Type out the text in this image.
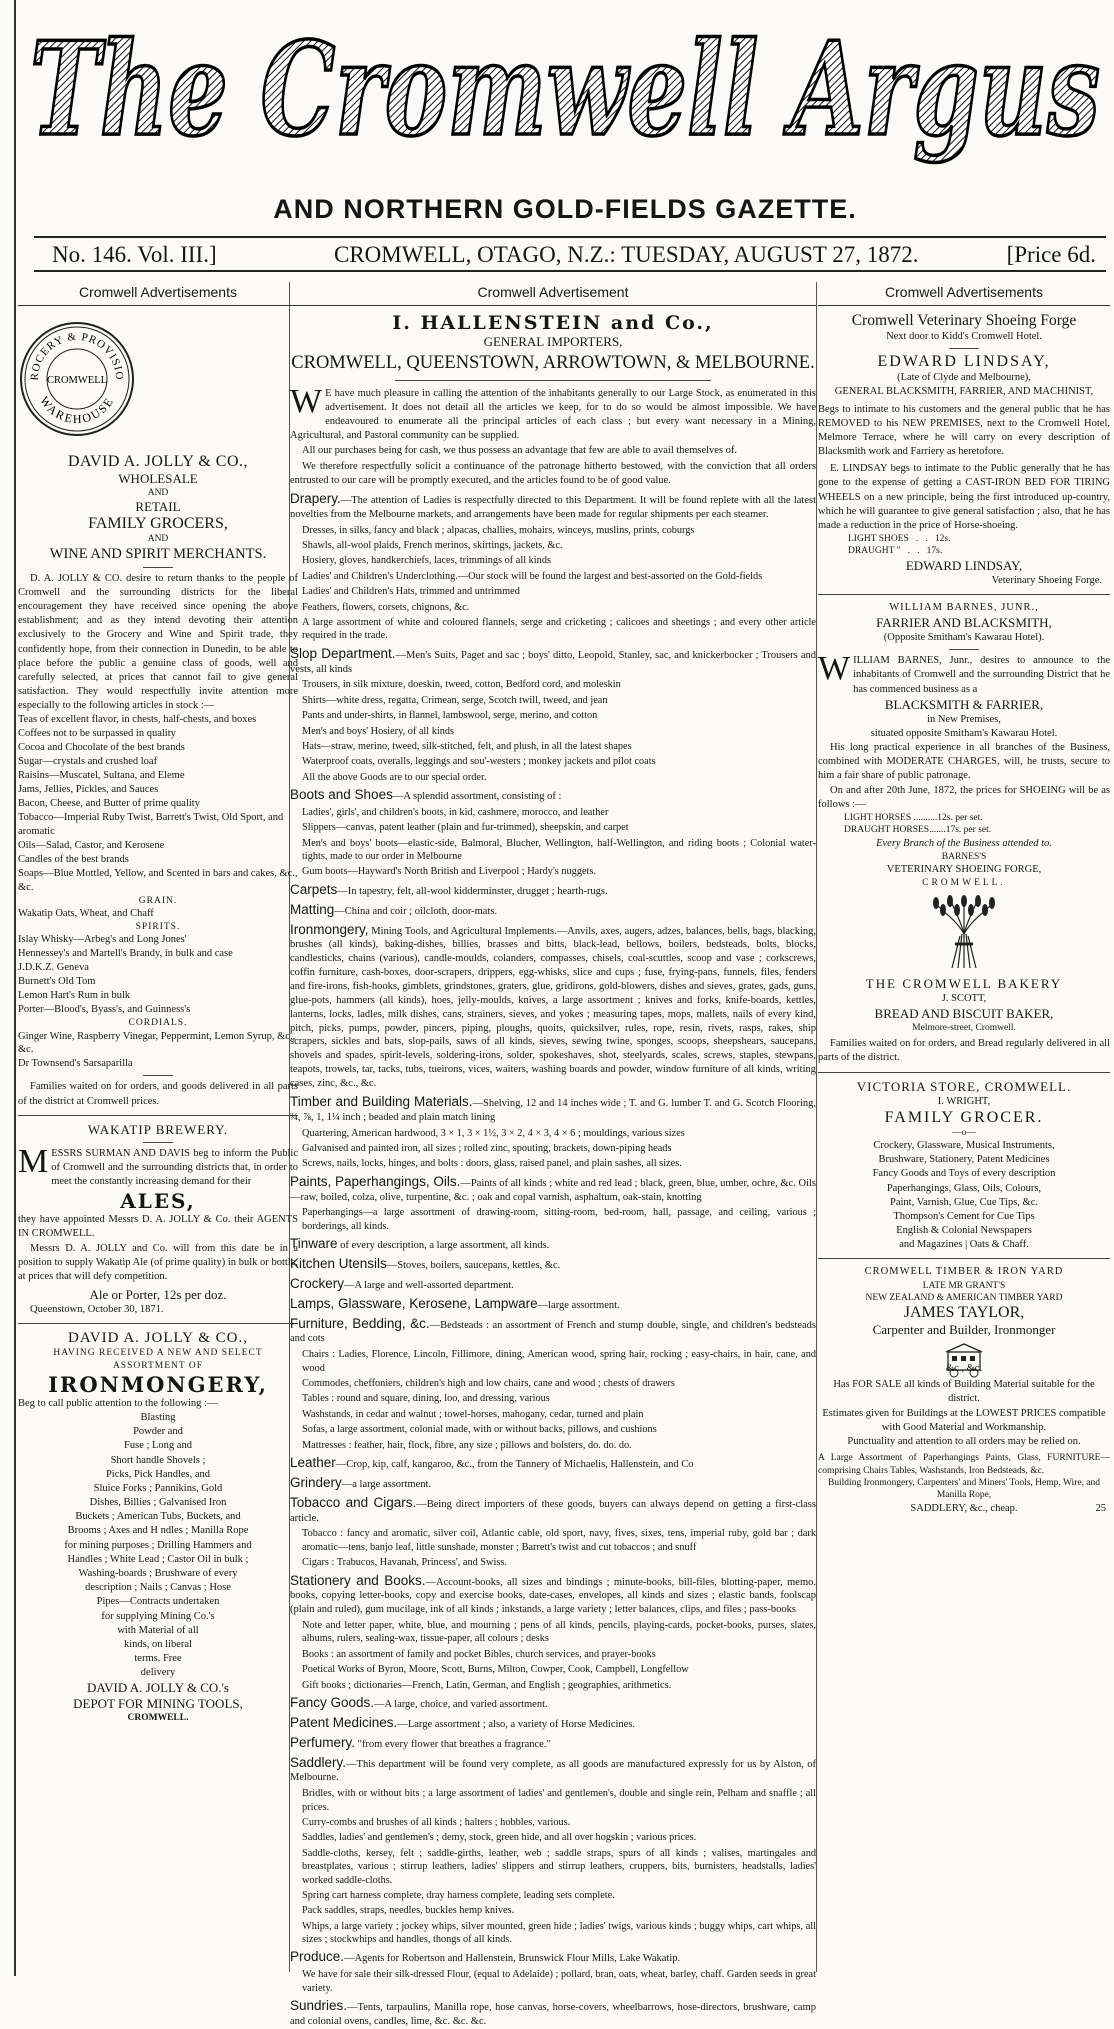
The Cromwell Argus
AND NORTHERN GOLD-FIELDS GAZETTE.
No. 146. Vol. III.]	CROMWELL, OTAGO, N.Z.: TUESDAY, AUGUST 27, 1872.	[Price 6d.
Cromwell Advertisements
ROCERY & PROVISIO
CROMWELL
WAREHOUSE
DAVID A. JOLLY & CO.,
WHOLESALE
AND
RETAIL
FAMILY GROCERS,
AND
WINE AND SPIRIT MERCHANTS.
D. A. JOLLY & CO. desire to return thanks to the people of Cromwell and the surrounding districts for the liberal encouragement they have received since opening the above establishment; and as they intend devoting their attention exclusively to the Grocery and Wine and Spirit trade, they confidently hope, from their connection in Dunedin, to be able to place before the public a genuine class of goods, well and carefully selected, at prices that cannot fail to give general satisfaction. They would respectfully invite attention more especially to the following articles in stock :—
Teas of excellent flavor, in chests, half-chests, and boxes
Coffees not to be surpassed in quality
Cocoa and Chocolate of the best brands
Sugar—crystals and crushed loaf
Raisins—Muscatel, Sultana, and Eleme
Jams, Jellies, Pickles, and Sauces
Bacon, Cheese, and Butter of prime quality
Tobacco—Imperial Ruby Twist, Barrett's Twist, Old Sport, and aromatic
Oils—Salad, Castor, and Kerosene
Candles of the best brands
Soaps—Blue Mottled, Yellow, and Scented in bars and cakes, &c., &c.
GRAIN.
Wakatip Oats, Wheat, and Chaff
SPIRITS.
Islay Whisky—Arbeg's and Long Jones'
Hennessey's and Martell's Brandy, in bulk and case
J.D.K.Z. Geneva
Burnett's Old Tom
Lemon Hart's Rum in bulk
Porter—Blood's, Byass's, and Guinness's
CORDIALS.
Ginger Wine, Raspberry Vinegar, Peppermint, Lemon Syrup, &c., &c.
Dr Townsend's Sarsaparilla
Families waited on for orders, and goods delivered in all parts of the district at Cromwell prices.
WAKATIP BREWERY.
MESSRS SURMAN AND DAVIS beg to inform the Public of Cromwell and the surrounding districts that, in order to meet the constantly increasing demand for their
ALES,
they have appointed Messrs D. A. JOLLY & Co. their AGENTS IN CROMWELL.
Messrs D. A. JOLLY and Co. will from this date be in a position to supply Wakatip Ale (of prime quality) in bulk or bottle, at prices that will defy competition.
Ale or Porter, 12s per doz.
Queenstown, October 30, 1871.
DAVID A. JOLLY & CO.,
HAVING RECEIVED A NEW AND SELECT
ASSORTMENT OF
IRONMONGERY,
Beg to call public attention to the following :—
Blasting
Powder and
Fuse ; Long and
Short handle Shovels ;
Picks, Pick Handles, and
Sluice Forks ; Pannikins, Gold
Dishes, Billies ; Galvanised Iron
Buckets ; American Tubs, Buckets, and
Brooms ; Axes and H ndles ; Manilla Rope
for mining purposes ; Drilling Hammers and
Handles ; White Lead ; Castor Oil in bulk ;
Washing-boards ; Brushware of every
description ; Nails ; Canvas ; Hose
Pipes—Contracts undertaken
for supplying Mining Co.'s
with Material of all
kinds, on liberal
terms. Free
delivery
DAVID A. JOLLY & CO.'s
DEPOT FOR MINING TOOLS,
CROMWELL.
Cromwell Advertisement
I. HALLENSTEIN and Co.,
GENERAL IMPORTERS,
CROMWELL, QUEENSTOWN, ARROWTOWN, & MELBOURNE.
WE have much pleasure in calling the attention of the inhabitants generally to our Large Stock, as enumerated in this advertisement. It does not detail all the articles we keep, for to do so would be almost impossible. We have endeavoured to enumerate all the principal articles of each class ; but every want necessary in a Mining, Agricultural, and Pastoral community can be supplied.
All our purchases being for cash, we thus possess an advantage that few are able to avail themselves of.
We therefore respectfully solicit a continuance of the patronage hitherto bestowed, with the conviction that all orders entrusted to our care will be promptly executed, and the articles found to be of good value.
Drapery.—The attention of Ladies is respectfully directed to this Department. It will be found replete with all the latest novelties from the Melbourne markets, and arrangements have been made for regular shipments per each steamer.
Dresses, in silks, fancy and black ; alpacas, challies, mohairs, winceys, muslins, prints, coburgs
Shawls, all-wool plaids, French merinos, skirtings, jackets, &c.
Hosiery, gloves, handkerchiefs, laces, trimmings of all kinds
Ladies' and Children's Underclothing.—Our stock will be found the largest and best-assorted on the Gold-fields
Ladies' and Children's Hats, trimmed and untrimmed
Feathers, flowers, corsets, chignons, &c.
A large assortment of white and coloured flannels, serge and cricketing ; calicoes and sheetings ; and every other article required in the trade.
Slop Department.—Men's Suits, Paget and sac ; boys' ditto, Leopold, Stanley, sac, and knickerbocker ; Trousers and vests, all kinds
Trousers, in silk mixture, doeskin, tweed, cotton, Bedford cord, and moleskin
Shirts—white dress, regatta, Crimean, serge, Scotch twill, tweed, and jean
Pants and under-shirts, in flannel, lambswool, serge, merino, and cotton
Men's and boys' Hosiery, of all kinds
Hats—straw, merino, tweed, silk-stitched, felt, and plush, in all the latest shapes
Waterproof coats, overalls, leggings and sou'-westers ; monkey jackets and pilot coats
All the above Goods are to our special order.
Boots and Shoes—A splendid assortment, consisting of :
Ladies', girls', and children's boots, in kid, cashmere, morocco, and leather
Slippers—canvas, patent leather (plain and fur-trimmed), sheepskin, and carpet
Men's and boys' boots—elastic-side, Balmoral, Blucher, Wellington, half-Wellington, and riding boots ; Colonial water-tights, made to our order in Melbourne
Gum boots—Hayward's North British and Liverpool ; Hardy's nuggets.
Carpets—In tapestry, felt, all-wool kidderminster, drugget ; hearth-rugs.
Matting—China and coir ; oilcloth, door-mats.
Ironmongery, Mining Tools, and Agricultural Implements.—Anvils, axes, augers, adzes, balances, bells, bags, blacking, brushes (all kinds), baking-dishes, billies, brasses and bitts, black-lead, bellows, boilers, bedsteads, bolts, blocks, candlesticks, chains (various), candle-moulds, colanders, compasses, chisels, coal-scuttles, scoop and vase ; corkscrews, coffin furniture, cash-boxes, door-scrapers, drippers, egg-whisks, slice and cups ; fuse, frying-pans, funnels, files, fenders and fire-irons, fish-hooks, gimblets, grindstones, graters, glue, gridirons, gold-blowers, dishes and sieves, grates, gads, guns, glue-pots, hammers (all kinds), hoes, jelly-moulds, knives, a large assortment ; knives and forks, knife-boards, kettles, lanterns, locks, ladles, milk dishes, cans, strainers, sieves, and yokes ; measuring tapes, mops, mallets, nails of every kind, pitch, picks, pumps, powder, pincers, piping, ploughs, quoits, quicksilver, rules, rope, resin, rivets, rasps, rakes, ship scrapers, sickles and bats, slop-pails, saws of all kinds, sieves, sewing twine, sponges, scoops, sheepshears, saucepans, shovels and spades, spirit-levels, soldering-irons, solder, spokeshaves, shot, steelyards, scales, screws, staples, stewpans, teapots, trowels, tar, tacks, tubs, tueirons, vices, waiters, washing boards and powder, window furniture of all kinds, writing cases, zinc, &c., &c.
Timber and Building Materials.—Shelving, 12 and 14 inches wide ; T. and G. lumber T. and G. Scotch Flooring, ¾, ⅞, 1, 1¼ inch ; beaded and plain match lining
Quartering, American hardwood, 3 × 1, 3 × 1½, 3 × 2, 4 × 3, 4 × 6 ; mouldings, various sizes
Galvanised and painted iron, all sizes ; rolled zinc, spouting, brackets, down-piping heads
Screws, nails, locks, hinges, and bolts : doors, glass, raised panel, and plain sashes, all sizes.
Paints, Paperhangings, Oils.—Paints of all kinds ; white and red lead ; black, green, blue, umber, ochre, &c. Oils—raw, boiled, colza, olive, turpentine, &c. ; oak and copal varnish, asphaltum, oak-stain, knotting
Paperhangings—a large assortment of drawing-room, sitting-room, bed-room, hall, passage, and ceiling, various ; borderings, all kinds.
Tinware of every description, a large assortment, all kinds.
Kitchen Utensils—Stoves, boilers, saucepans, kettles, &c.
Crockery—A large and well-assorted department.
Lamps, Glassware, Kerosene, Lampware—large assortment.
Furniture, Bedding, &c.—Bedsteads : an assortment of French and stump double, single, and children's bedsteads and cots
Chairs : Ladies, Florence, Lincoln, Fillimore, dining, American wood, spring hair, rocking ; easy-chairs, in hair, cane, and wood
Commodes, cheffoniers, children's high and low chairs, cane and wood ; chests of drawers
Tables : round and square, dining, loo, and dressing, various
Washstands, in cedar and walnut ; towel-horses, mahogany, cedar, turned and plain
Sofas, a large assortment, colonial made, with or without backs, pillows, and cushions
Mattresses : feather, hair, flock, fibre, any size ; pillows and bolsters, do. do. do.
Leather—Crop, kip, calf, kangaroo, &c., from the Tannery of Michaelis, Hallenstein, and Co
Grindery—a large assortment.
Tobacco and Cigars.—Being direct importers of these goods, buyers can always depend on getting a first-class article.
Tobacco : fancy and aromatic, silver coil, Atlantic cable, old sport, navy, fives, sixes, tens, imperial ruby, gold bar ; dark aromatic—tens, banjo leaf, little sunshade, monster ; Barrett's twist and cut tobaccos ; and snuff
Cigars : Trabucos, Havanah, Princess', and Swiss.
Stationery and Books.—Account-books, all sizes and bindings ; minute-books, bill-files, blotting-paper, memo. books, copying letter-books, copy and exercise books, date-cases, envelopes, all kinds and sizes ; elastic bands, foolscap (plain and ruled), gum mucilage, ink of all kinds ; inkstands, a large variety ; letter balances, clips, and files ; pass-books
Note and letter paper, white, blue, and mourning ; pens of all kinds, pencils, playing-cards, pocket-books, purses, slates, albums, rulers, sealing-wax, tissue-paper, all colours ; desks
Books : an assortment of family and pocket Bibles, church services, and prayer-books
Poetical Works of Byron, Moore, Scott, Burns, Milton, Cowper, Cook, Campbell, Longfellow
Gift books ; dictionaries—French, Latin, German, and English ; geographies, arithmetics.
Fancy Goods.—A large, choice, and varied assortment.
Patent Medicines.—Large assortment ; also, a variety of Horse Medicines.
Perfumery. "from every flower that breathes a fragrance."
Saddlery.—This department will be found very complete, as all goods are manufactured expressly for us by Alston, of Melbourne.
Bridles, with or without bits ; a large assortment of ladies' and gentlemen's, double and single rein, Pelham and snaffle ; all prices.
Curry-combs and brushes of all kinds ; halters ; hobbles, various.
Saddles, ladies' and gentlemen's ; demy, stock, green hide, and all over hogskin ; various prices.
Saddle-cloths, kersey, felt ; saddle-girths, leather, web ; saddle straps, spurs of all kinds ; valises, martingales and breastplates, various ; stirrup leathers, ladies' slippers and stirrup leathers, cruppers, bits, burnisters, headstalls, ladies' worked saddle-cloths.
Spring cart harness complete, dray harness complete, leading sets complete.
Pack saddles, straps, needles, buckles hemp knives.
Whips, a large variety ; jockey whips, silver mounted, green hide ; ladies' twigs, various kinds ; buggy whips, cart whips, all sizes ; stockwhips and handles, thongs of all kinds.
Produce.—Agents for Robertson and Hallenstein, Brunswick Flour Mills, Lake Wakatip.
We have for sale their silk-dressed Flour, (equal to Adelaide) ; pollard, bran, oats, wheat, barley, chaff. Garden seeds in great variety.
Sundries.—Tents, tarpaulins, Manilla rope, hose canvas, horse-covers, wheelbarrows, hose-directors, brushware, camp and colonial ovens, candles, lime, &c. &c. &c.
Cromwell Advertisements
Cromwell Veterinary Shoeing Forge
Next door to Kidd's Cromwell Hotel.
EDWARD LINDSAY,
(Late of Clyde and Melbourne),
GENERAL BLACKSMITH, FARRIER, AND MACHINIST,
Begs to intimate to his customers and the general public that he has REMOVED to his NEW PREMISES, next to the Cromwell Hotel, Melmore Terrace, where he will carry on every description of Blacksmith work and Farriery as heretofore.
E. LINDSAY begs to intimate to the Public generally that he has gone to the expense of getting a CAST-IRON BED FOR TIRING WHEELS on a new principle, being the first introduced up-country, which he will guarantee to give general satisfaction ; also, that he has made a reduction in the price of Horse-shoeing.
LIGHT SHOES   .   .   12s.
DRAUGHT "   .   .   17s.
EDWARD LINDSAY,
Veterinary Shoeing Forge.
WILLIAM BARNES, JUNR.,
FARRIER AND BLACKSMITH,
(Opposite Smitham's Kawarau Hotel).
WILLIAM BARNES, Junr., desires to announce to the inhabitants of Cromwell and the surrounding District that he has commenced business as a
BLACKSMITH & FARRIER,
in New Premises,
situated opposite Smitham's Kawarau Hotel.
His long practical experience in all branches of the Business, combined with MODERATE CHARGES, will, he trusts, secure to him a fair share of public patronage.
On and after 20th June, 1872, the prices for SHOEING will be as follows :—
LIGHT HORSES ..........12s. per set.
DRAUGHT HORSES.......17s. per set.
Every Branch of the Business attended to.
BARNES'S
VETERINARY SHOEING FORGE,
CROMWELL.
THE CROMWELL BAKERY
J. SCOTT,
BREAD AND BISCUIT BAKER,
Melmore-street, Cromwell.
Families waited on for orders, and Bread regularly delivered in all parts of the district.
VICTORIA STORE, CROMWELL.
I. WRIGHT,
FAMILY GROCER.
—o—
Crockery, Glassware, Musical Instruments,
Brushware, Stationery, Patent Medicines
Fancy Goods and Toys of every description
Paperhangings, Glass, Oils, Colours,
Paint, Varnish, Glue, Cue Tips, &c.
Thompson's Cement for Cue Tips
English & Colonial Newspapers
and Magazines | Oats & Chaff.
CROMWELL TIMBER & IRON YARD
LATE MR GRANT'S
NEW ZEALAND & AMERICAN TIMBER YARD
JAMES TAYLOR,
Carpenter and Builder, Ironmonger
&c., &c.
Has FOR SALE all kinds of Building Material suitable for the district.
Estimates given for Buildings at the LOWEST PRICES compatible with Good Material and Workmanship.
Punctuality and attention to all orders may be relied on.
A Large Assortment of Paperhangings Paints, Glass, FURNITURE—comprising Chairs Tables, Washstands, Iron Bedsteads, &c.
Building Ironmongery, Carpenters' and Miners' Tools, Hemp, Wire, and Manilla Rope,
SADDLERY, &c., cheap.	25
